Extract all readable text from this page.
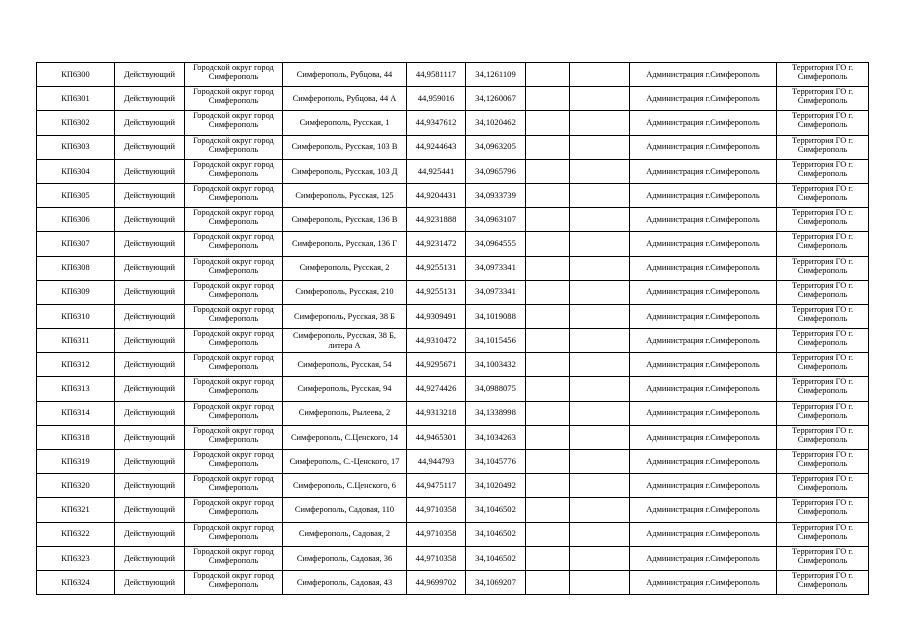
КП6300	Действующий	Городской округ город Симферополь	Симферополь, Рубцова, 44	44,9581117	34,1261109			Администрация г.Симферополь	Территория ГО г. Симферополь
КП6301	Действующий	Городской округ город Симферополь	Симферополь, Рубцова, 44 А	44,959016	34,1260067			Администрация г.Симферополь	Территория ГО г. Симферополь
КП6302	Действующий	Городской округ город Симферополь	Симферополь, Русская, 1	44,9347612	34,1020462			Администрация г.Симферополь	Территория ГО г. Симферополь
КП6303	Действующий	Городской округ город Симферополь	Симферополь, Русская, 103 В	44,9244643	34,0963205			Администрация г.Симферополь	Территория ГО г. Симферополь
КП6304	Действующий	Городской округ город Симферополь	Симферополь, Русская, 103 Д	44,925441	34,0965796			Администрация г.Симферополь	Территория ГО г. Симферополь
КП6305	Действующий	Городской округ город Симферополь	Симферополь, Русская, 125	44,9204431	34,0933739			Администрация г.Симферополь	Территория ГО г. Симферополь
КП6306	Действующий	Городской округ город Симферополь	Симферополь, Русская, 136 В	44,9231888	34,0963107			Администрация г.Симферополь	Территория ГО г. Симферополь
КП6307	Действующий	Городской округ город Симферополь	Симферополь, Русская, 136 Г	44,9231472	34,0964555			Администрация г.Симферополь	Территория ГО г. Симферополь
КП6308	Действующий	Городской округ город Симферополь	Симферополь, Русская, 2	44,9255131	34,0973341			Администрация г.Симферополь	Территория ГО г. Симферополь
КП6309	Действующий	Городской округ город Симферополь	Симферополь, Русская, 210	44,9255131	34,0973341			Администрация г.Симферополь	Территория ГО г. Симферополь
КП6310	Действующий	Городской округ город Симферополь	Симферополь, Русская, 38 Б	44,9309491	34,1019088			Администрация г.Симферополь	Территория ГО г. Симферополь
КП6311	Действующий	Городской округ город Симферополь	Симферополь, Русская, 38 Б, литера А	44,9310472	34,1015456			Администрация г.Симферополь	Территория ГО г. Симферополь
КП6312	Действующий	Городской округ город Симферополь	Симферополь, Русская, 54	44,9295671	34,1003432			Администрация г.Симферополь	Территория ГО г. Симферополь
КП6313	Действующий	Городской округ город Симферополь	Симферополь, Русская, 94	44,9274426	34,0988075			Администрация г.Симферополь	Территория ГО г. Симферополь
КП6314	Действующий	Городской округ город Симферополь	Симферополь, Рылеева, 2	44,9313218	34,1338998			Администрация г.Симферополь	Территория ГО г. Симферополь
КП6318	Действующий	Городской округ город Симферополь	Симферополь, С.Ценского, 14	44,9465301	34,1034263			Администрация г.Симферополь	Территория ГО г. Симферополь
КП6319	Действующий	Городской округ город Симферополь	Симферополь, С.-Ценского, 17	44,944793	34,1045776			Администрация г.Симферополь	Территория ГО г. Симферополь
КП6320	Действующий	Городской округ город Симферополь	Симферополь, С.Ценского, 6	44,9475117	34,1020492			Администрация г.Симферополь	Территория ГО г. Симферополь
КП6321	Действующий	Городской округ город Симферополь	Симферополь, Садовая, 110	44,9710358	34,1046502			Администрация г.Симферополь	Территория ГО г. Симферополь
КП6322	Действующий	Городской округ город Симферополь	Симферополь, Садовая, 2	44,9710358	34,1046502			Администрация г.Симферополь	Территория ГО г. Симферополь
КП6323	Действующий	Городской округ город Симферополь	Симферополь, Садовая, 36	44,9710358	34,1046502			Администрация г.Симферополь	Территория ГО г. Симферополь
КП6324	Действующий	Городской округ город Симферополь	Симферополь, Садовая, 43	44,9699702	34,1069207			Администрация г.Симферополь	Территория ГО г. Симферополь
